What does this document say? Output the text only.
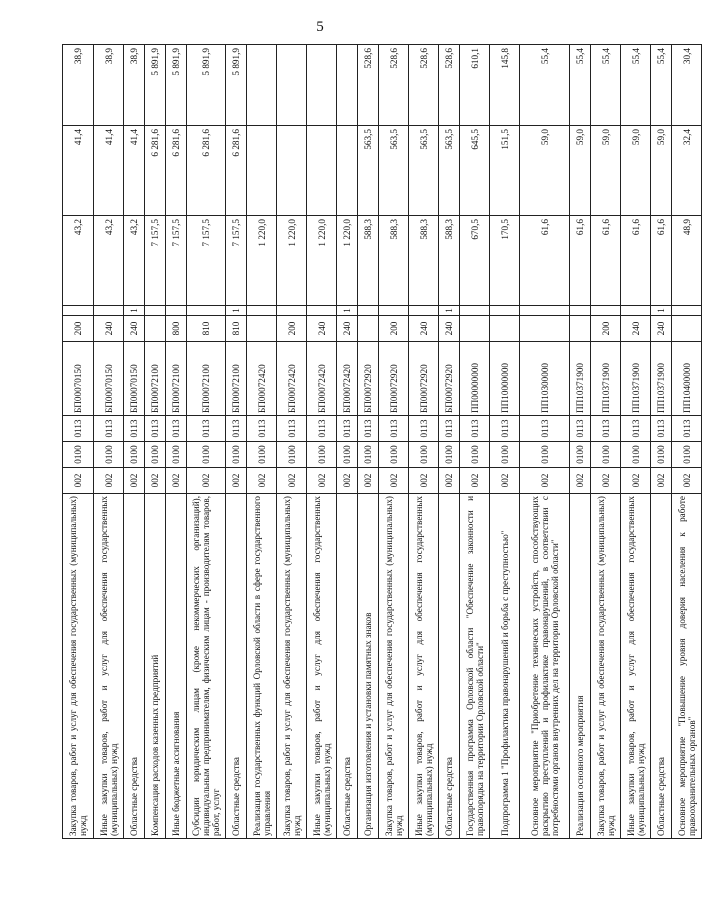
5
Закупка товаров, работ и услуг для обеспечения государственных (муниципальных) нужд	002	0100	0113	БП00070150	200		43,2	41,4	38,9
Иные закупки товаров, работ и услуг для обеспечения государственных (муниципальных) нужд	002	0100	0113	БП00070150	240		43,2	41,4	38,9
Областные средства	002	0100	0113	БП00070150	240	1	43,2	41,4	38,9
Компенсация расходов казенных предприятий	002	0100	0113	БП00072100			7 157,5	6 281,6	5 891,9
Иные бюджетные ассигнования	002	0100	0113	БП00072100	800		7 157,5	6 281,6	5 891,9
Субсидии юридическим лицам (кроме некоммерческих организаций), индивидуальным предпринимателям, физическим лицам - производителям товаров, работ, услуг	002	0100	0113	БП00072100	810		7 157,5	6 281,6	5 891,9
Областные средства	002	0100	0113	БП00072100	810	1	7 157,5	6 281,6	5 891,9
Реализация государственных функций Орловской области в сфере государственного управления	002	0100	0113	БП00072420			1 220,0		
Закупка товаров, работ и услуг для обеспечения государственных (муниципальных) нужд	002	0100	0113	БП00072420	200		1 220,0		
Иные закупки товаров, работ и услуг для обеспечения государственных (муниципальных) нужд	002	0100	0113	БП00072420	240		1 220,0		
Областные средства	002	0100	0113	БП00072420	240	1	1 220,0		
Организация изготовления и установки памятных знаков	002	0100	0113	БП00072920			588,3	563,5	528,6
Закупка товаров, работ и услуг для обеспечения государственных (муниципальных) нужд	002	0100	0113	БП00072920	200		588,3	563,5	528,6
Иные закупки товаров, работ и услуг для обеспечения государственных (муниципальных) нужд	002	0100	0113	БП00072920	240		588,3	563,5	528,6
Областные средства	002	0100	0113	БП00072920	240	1	588,3	563,5	528,6
Государственная программа Орловской области "Обеспечение законности и правопорядка на территории Орловской области"	002	0100	0113	ПП00000000			670,5	645,5	610,1
Подпрограмма 1 "Профилактика правонарушений и борьба с преступностью"	002	0100	0113	ПП10000000			170,5	151,5	145,8
Основное мероприятие "Приобретение технических устройств, способствующих раскрытию преступлений и профилактике правонарушений, в соответствии с потребностями органов внутренних дел на территории Орловской области"	002	0100	0113	ПП10300000			61,6	59,0	55,4
Реализация основного мероприятия	002	0100	0113	ПП10371900			61,6	59,0	55,4
Закупка товаров, работ и услуг для обеспечения государственных (муниципальных) нужд	002	0100	0113	ПП10371900	200		61,6	59,0	55,4
Иные закупки товаров, работ и услуг для обеспечения государственных (муниципальных) нужд	002	0100	0113	ПП10371900	240		61,6	59,0	55,4
Областные средства	002	0100	0113	ПП10371900	240	1	61,6	59,0	55,4
Основное мероприятие "Повышение уровня доверия населения к работе правоохранительных органов"	002	0100	0113	ПП10400000			48,9	32,4	30,4
